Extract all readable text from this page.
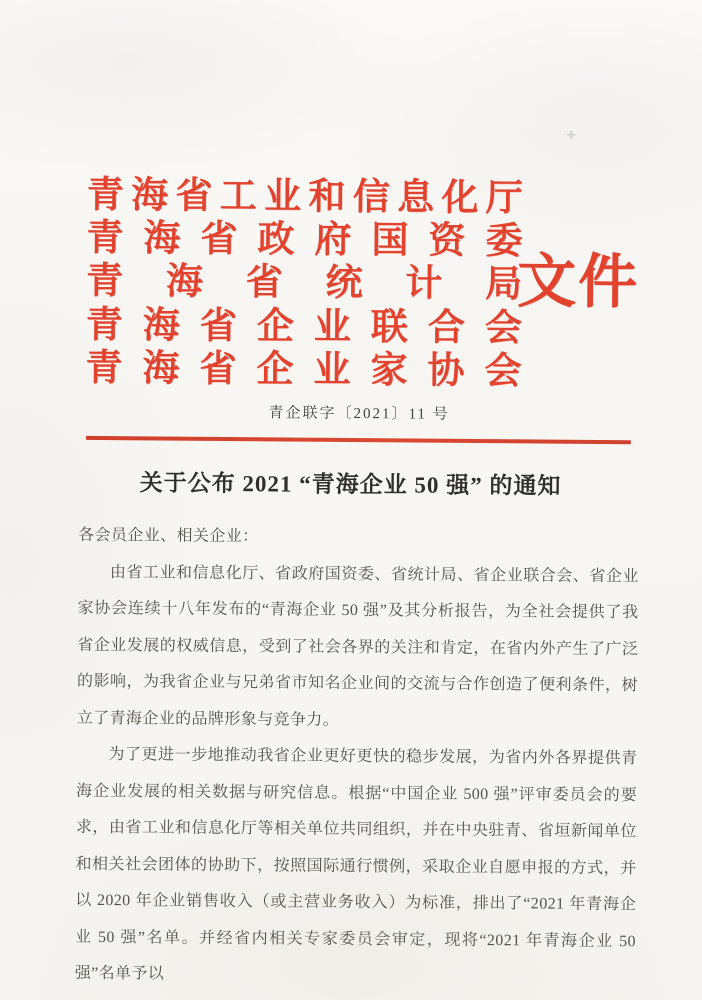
✛
青 海 省 工 业 和 信 息 化 厅
青 海 省 政 府 国 资 委
青 海 省 统 计 局
青 海 省 企 业 联 合 会
青 海 省 企 业 家 协 会
文件
青企联字〔2021〕11 号
关于公布 2021 “青海企业 50 强” 的通知

各会员企业、相关企业：

由省工业和信息化厅、省政府国资委、省统计局、省企业联合会、省企业家协会连续十八年发布的“青海企业 50 强”及其分析报告，为全社会提供了我省企业发展的权威信息，受到了社会各界的关注和肯定，在省内外产生了广泛的影响，为我省企业与兄弟省市知名企业间的交流与合作创造了便利条件，树立了青海企业的品牌形象与竞争力。

为了更进一步地推动我省企业更好更快的稳步发展，为省内外各界提供青海企业发展的相关数据与研究信息。根据“中国企业 500 强”评审委员会的要求，由省工业和信息化厅等相关单位共同组织，并在中央驻青、省垣新闻单位和相关社会团体的协助下，按照国际通行惯例，采取企业自愿申报的方式，并以 2020 年企业销售收入（或主营业务收入）为标准，排出了“2021 年青海企业 50 强”名单。并经省内相关专家委员会审定，现将“2021 年青海企业 50 强”名单予以
